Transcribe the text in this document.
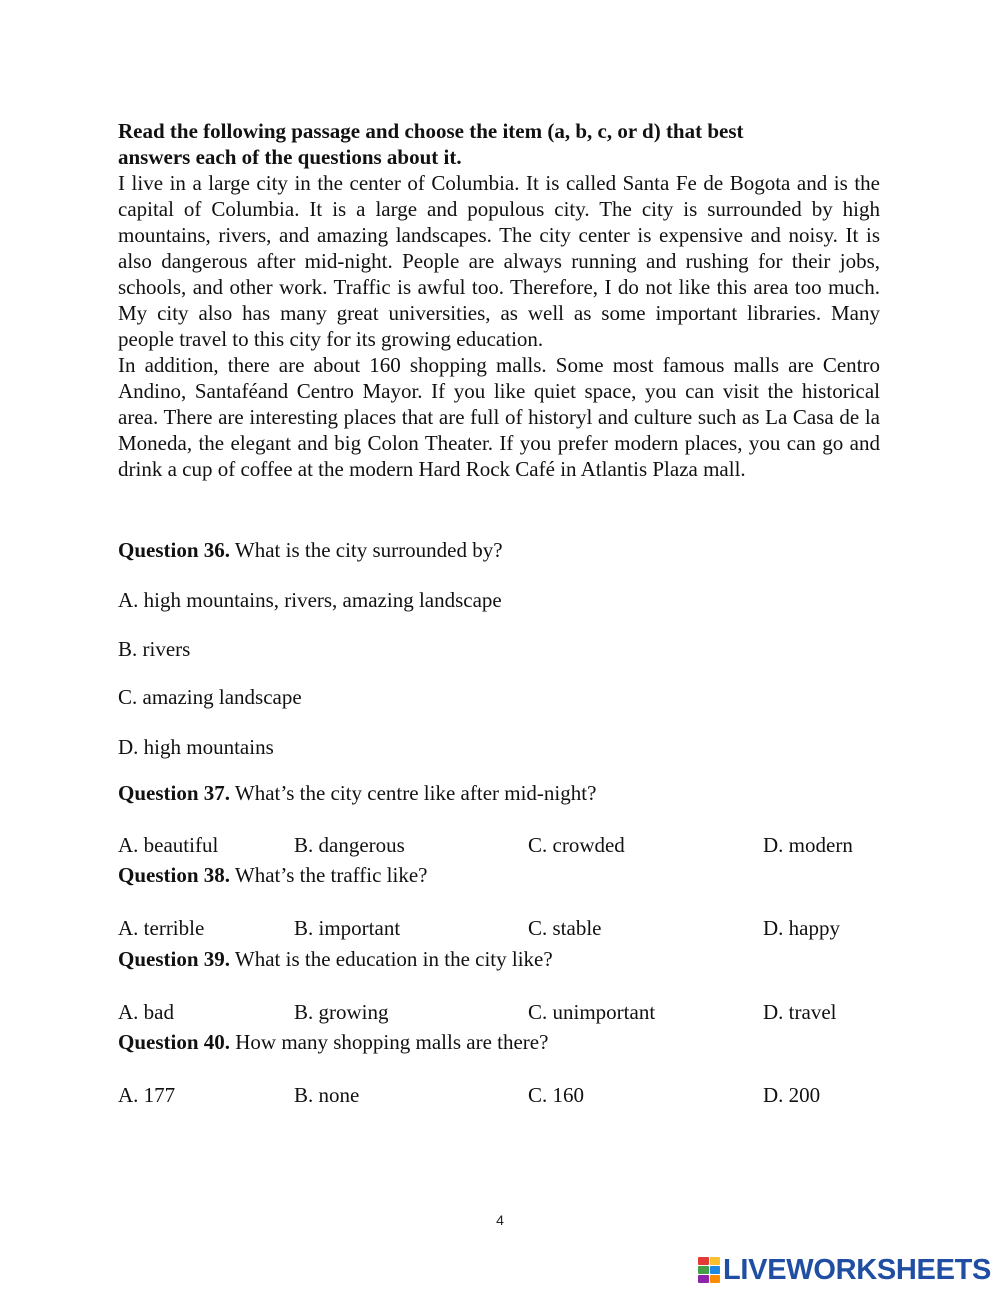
Read the following passage and choose the item (a, b, c, or d) that best
answers each of the questions about it.

I live in a large city in the center of Columbia. It is called Santa Fe de Bogota and is the capital of Columbia. It is a large and populous city. The city is surrounded by high mountains, rivers, and amazing landscapes. The city center is expensive and noisy. It is also dangerous after mid-night. People are always running and rushing for their jobs, schools, and other work. Traffic is awful too. Therefore, I do not like this area too much. My city also has many great universities, as well as some important libraries. Many people travel to this city for its growing education.

In addition, there are about 160 shopping malls. Some most famous malls are Centro Andino, Santaféand Centro Mayor. If you like quiet space, you can visit the historical area. There are interesting places that are full of historyl and culture such as La Casa de la Moneda, the elegant and big Colon Theater. If you prefer modern places, you can go and drink a cup of coffee at the modern Hard Rock Café in Atlantis Plaza mall.

Question 36. What is the city surrounded by?
A. high mountains, rivers, amazing landscape
B. rivers
C. amazing landscape
D. high mountains
Question 37. What’s the city centre like after mid-night?
A. beautiful	B. dangerous	C. crowded	D. modern
Question 38. What’s the traffic like?
A. terrible	B. important	C. stable	D. happy
Question 39. What is the education in the city like?
A. bad	B. growing	C. unimportant	D. travel
Question 40. How many shopping malls are there?
A. 177	B. none	C. 160	D. 200
4
LIVEWORKSHEETS
